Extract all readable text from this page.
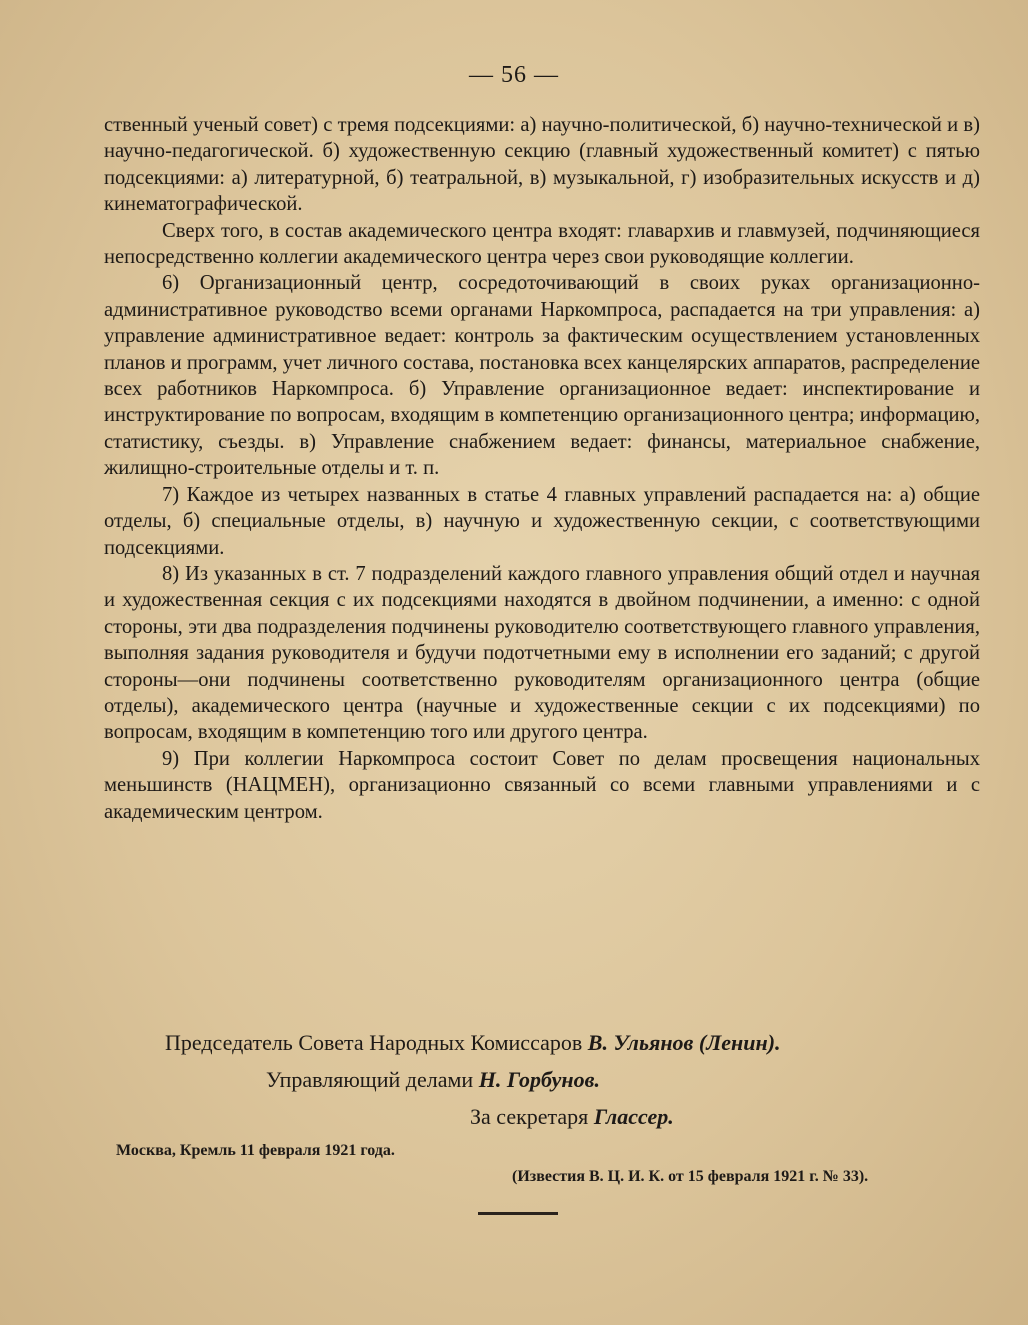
— 56 —

ственный ученый совет) с тремя подсекциями: а) научно-политической, б) научно-технической и в) научно-педагогической. б) художественную секцию (главный художественный комитет) с пятью подсекциями: а) литературной, б) театральной, в) музыкальной, г) изобразительных искусств и д) кинематографической.

Сверх того, в состав академического центра входят: главархив и главмузей, подчиняющиеся непосредственно коллегии академического центра через свои руководящие коллегии.

6) Организационный центр, сосредоточивающий в своих руках организационно-административное руководство всеми органами Наркомпроса, распадается на три управления: а) управление административное ведает: контроль за фактическим осуществлением установленных планов и программ, учет личного состава, постановка всех канцелярских аппаратов, распределение всех работников Наркомпроса. б) Управление организационное ведает: инспектирование и инструктирование по вопросам, входящим в компетенцию организационного центра; информацию, статистику, съезды. в) Управление снабжением ведает: финансы, материальное снабжение, жилищно-строительные отделы и т. п.

7) Каждое из четырех названных в статье 4 главных управлений распадается на: а) общие отделы, б) специальные отделы, в) научную и художественную секции, с соответствующими подсекциями.

8) Из указанных в ст. 7 подразделений каждого главного управления общий отдел и научная и художественная секция с их подсекциями находятся в двойном подчинении, а именно: с одной стороны, эти два подразделения подчинены руководителю соответствующего главного управления, выполняя задания руководителя и будучи подотчетными ему в исполнении его заданий; с другой стороны—они подчинены соответственно руководителям организационного центра (общие отделы), академического центра (научные и художественные секции с их подсекциями) по вопросам, входящим в компетенцию того или другого центра.

9) При коллегии Наркомпроса состоит Совет по делам просвещения национальных меньшинств (НАЦМЕН), организационно связанный со всеми главными управлениями и с академическим центром.

Председатель Совета Народных Комиссаров В. Ульянов (Ленин).
Управляющий делами Н. Горбунов.
За секретаря Глассер.
Москва, Кремль 11 февраля 1921 года.
(Известия В. Ц. И. К. от 15 февраля 1921 г. № 33).
